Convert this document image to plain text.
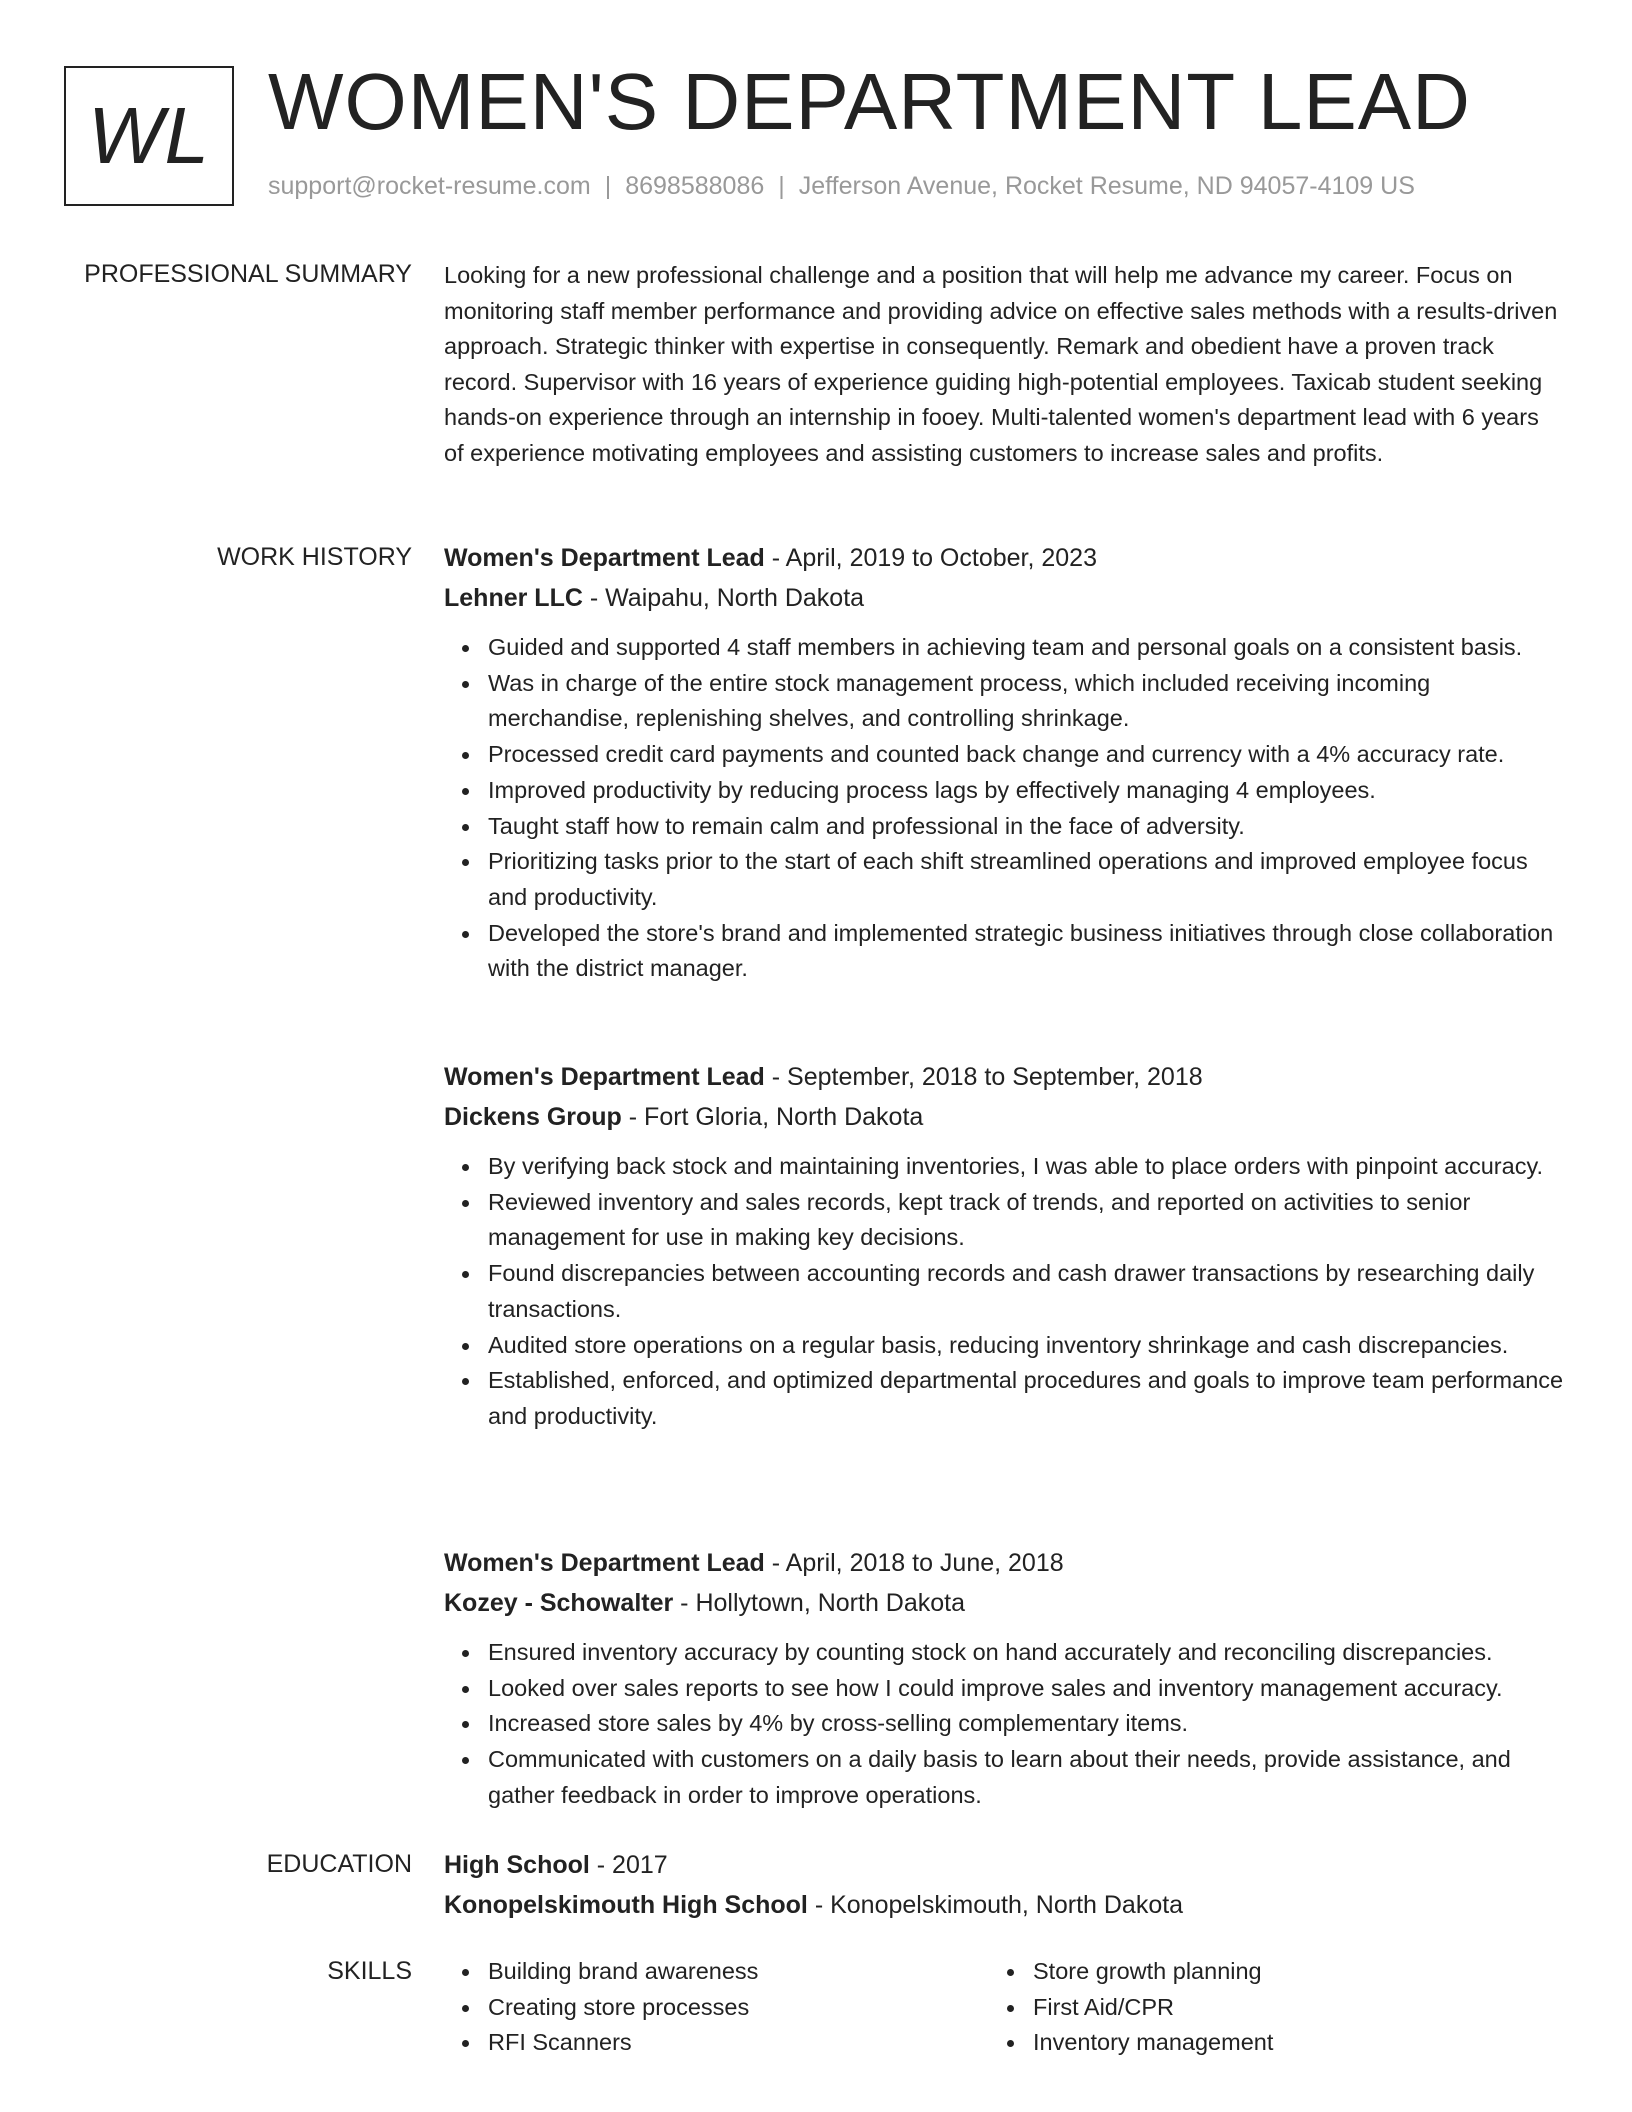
WL WOMEN'S DEPARTMENT LEAD
support@rocket-resume.com | 8698588086 | Jefferson Avenue, Rocket Resume, ND 94057-4109 US
PROFESSIONAL SUMMARY Looking for a new professional challenge and a position that will help me advance my career. Focus on monitoring staff member performance and providing advice on effective sales methods with a results-driven approach. Strategic thinker with expertise in consequently. Remark and obedient have a proven track record. Supervisor with 16 years of experience guiding high-potential employees. Taxicab student seeking hands-on experience through an internship in fooey. Multi-talented women's department lead with 6 years of experience motivating employees and assisting customers to increase sales and profits.

WORK HISTORY Women's Department Lead - April, 2019 to October, 2023
Lehner LLC - Waipahu, North Dakota
Guided and supported 4 staff members in achieving team and personal goals on a consistent basis.
Was in charge of the entire stock management process, which included receiving incoming merchandise, replenishing shelves, and controlling shrinkage.
Processed credit card payments and counted back change and currency with a 4% accuracy rate.
Improved productivity by reducing process lags by effectively managing 4 employees.
Taught staff how to remain calm and professional in the face of adversity.
Prioritizing tasks prior to the start of each shift streamlined operations and improved employee focus and productivity.
Developed the store's brand and implemented strategic business initiatives through close collaboration with the district manager.
Women's Department Lead - September, 2018 to September, 2018
Dickens Group - Fort Gloria, North Dakota
By verifying back stock and maintaining inventories, I was able to place orders with pinpoint accuracy.
Reviewed inventory and sales records, kept track of trends, and reported on activities to senior management for use in making key decisions.
Found discrepancies between accounting records and cash drawer transactions by researching daily transactions.
Audited store operations on a regular basis, reducing inventory shrinkage and cash discrepancies.
Established, enforced, and optimized departmental procedures and goals to improve team performance and productivity.
Women's Department Lead - April, 2018 to June, 2018
Kozey - Schowalter - Hollytown, North Dakota
Ensured inventory accuracy by counting stock on hand accurately and reconciling discrepancies.
Looked over sales reports to see how I could improve sales and inventory management accuracy.
Increased store sales by 4% by cross-selling complementary items.
Communicated with customers on a daily basis to learn about their needs, provide assistance, and gather feedback in order to improve operations.
EDUCATION High School - 2017
Konopelskimouth High School - Konopelskimouth, North Dakota
SKILLS	Building brand awareness
Creating store processes
RFI Scanners
Store growth planning
First Aid/CPR
Inventory management
